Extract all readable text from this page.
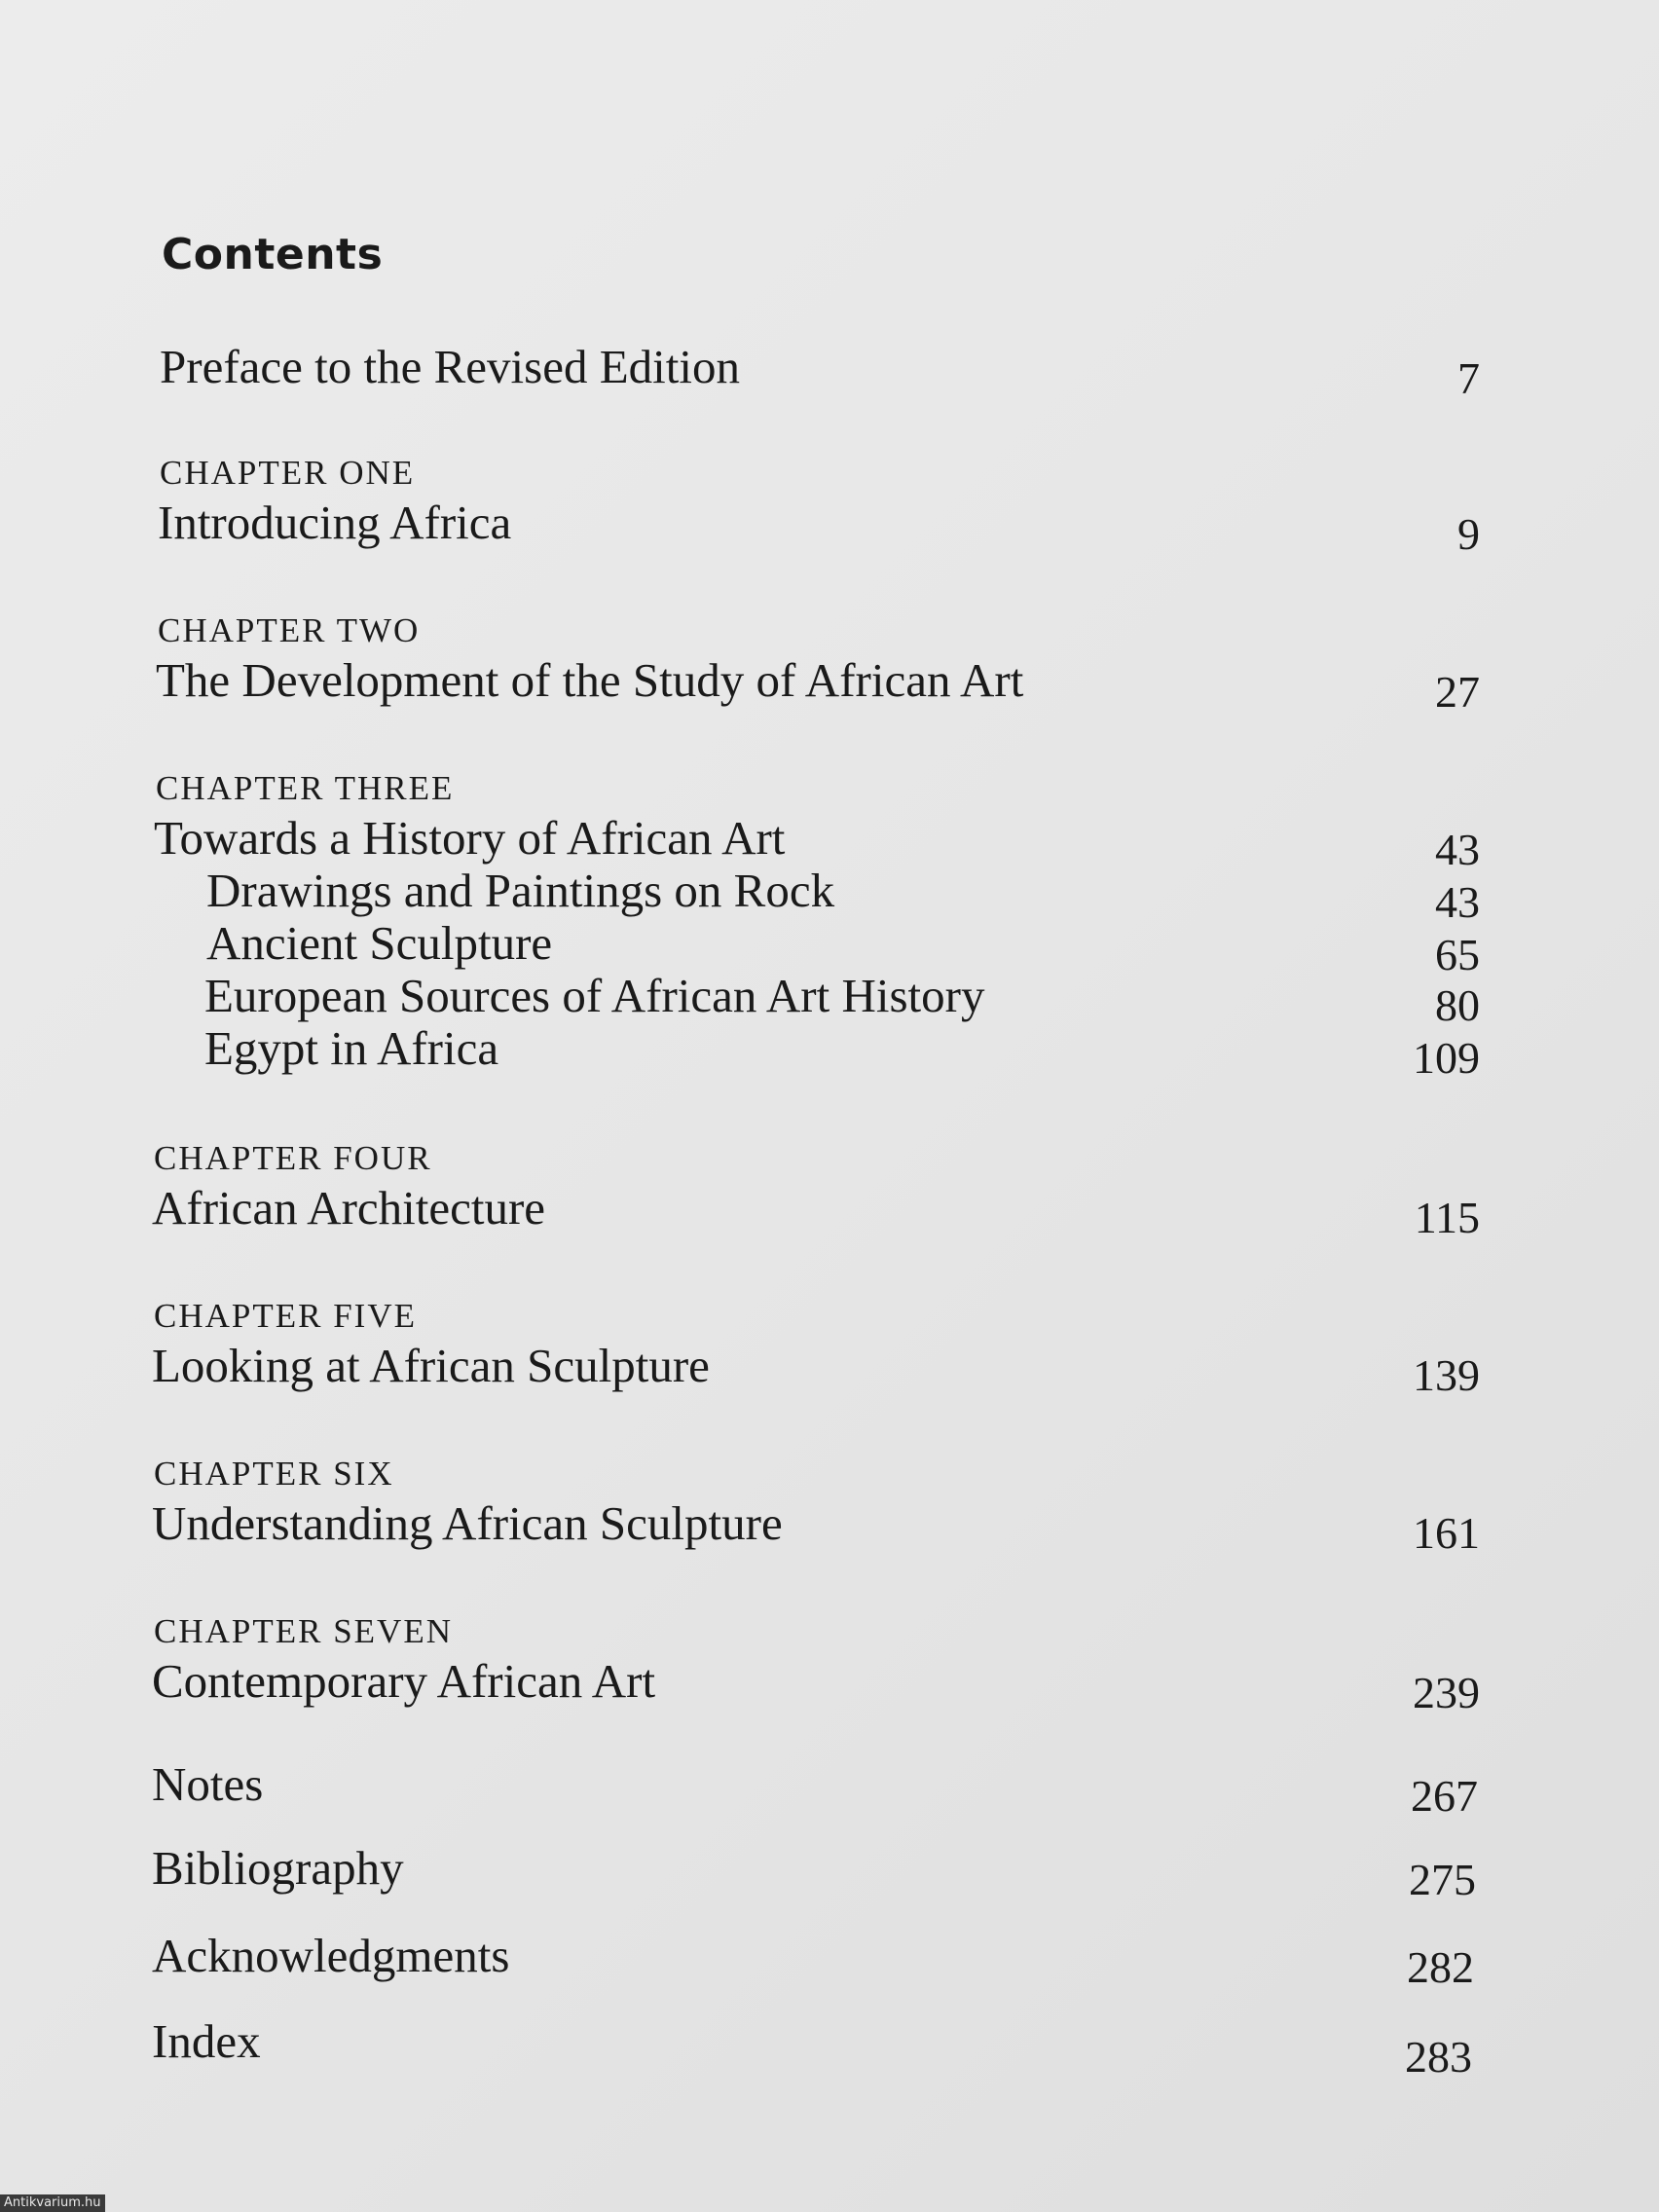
Contents
Preface to the Revised Edition	7
CHAPTER ONE
Introducing Africa	9
CHAPTER TWO
The Development of the Study of African Art	27
CHAPTER THREE
Towards a History of African Art	43
Drawings and Paintings on Rock	43
Ancient Sculpture	65
European Sources of African Art History	80
Egypt in Africa	109
CHAPTER FOUR
African Architecture	115
CHAPTER FIVE
Looking at African Sculpture	139
CHAPTER SIX
Understanding African Sculpture	161
CHAPTER SEVEN
Contemporary African Art	239
Notes	267
Bibliography	275
Acknowledgments	282
Index	283
Antikvarium.hu
